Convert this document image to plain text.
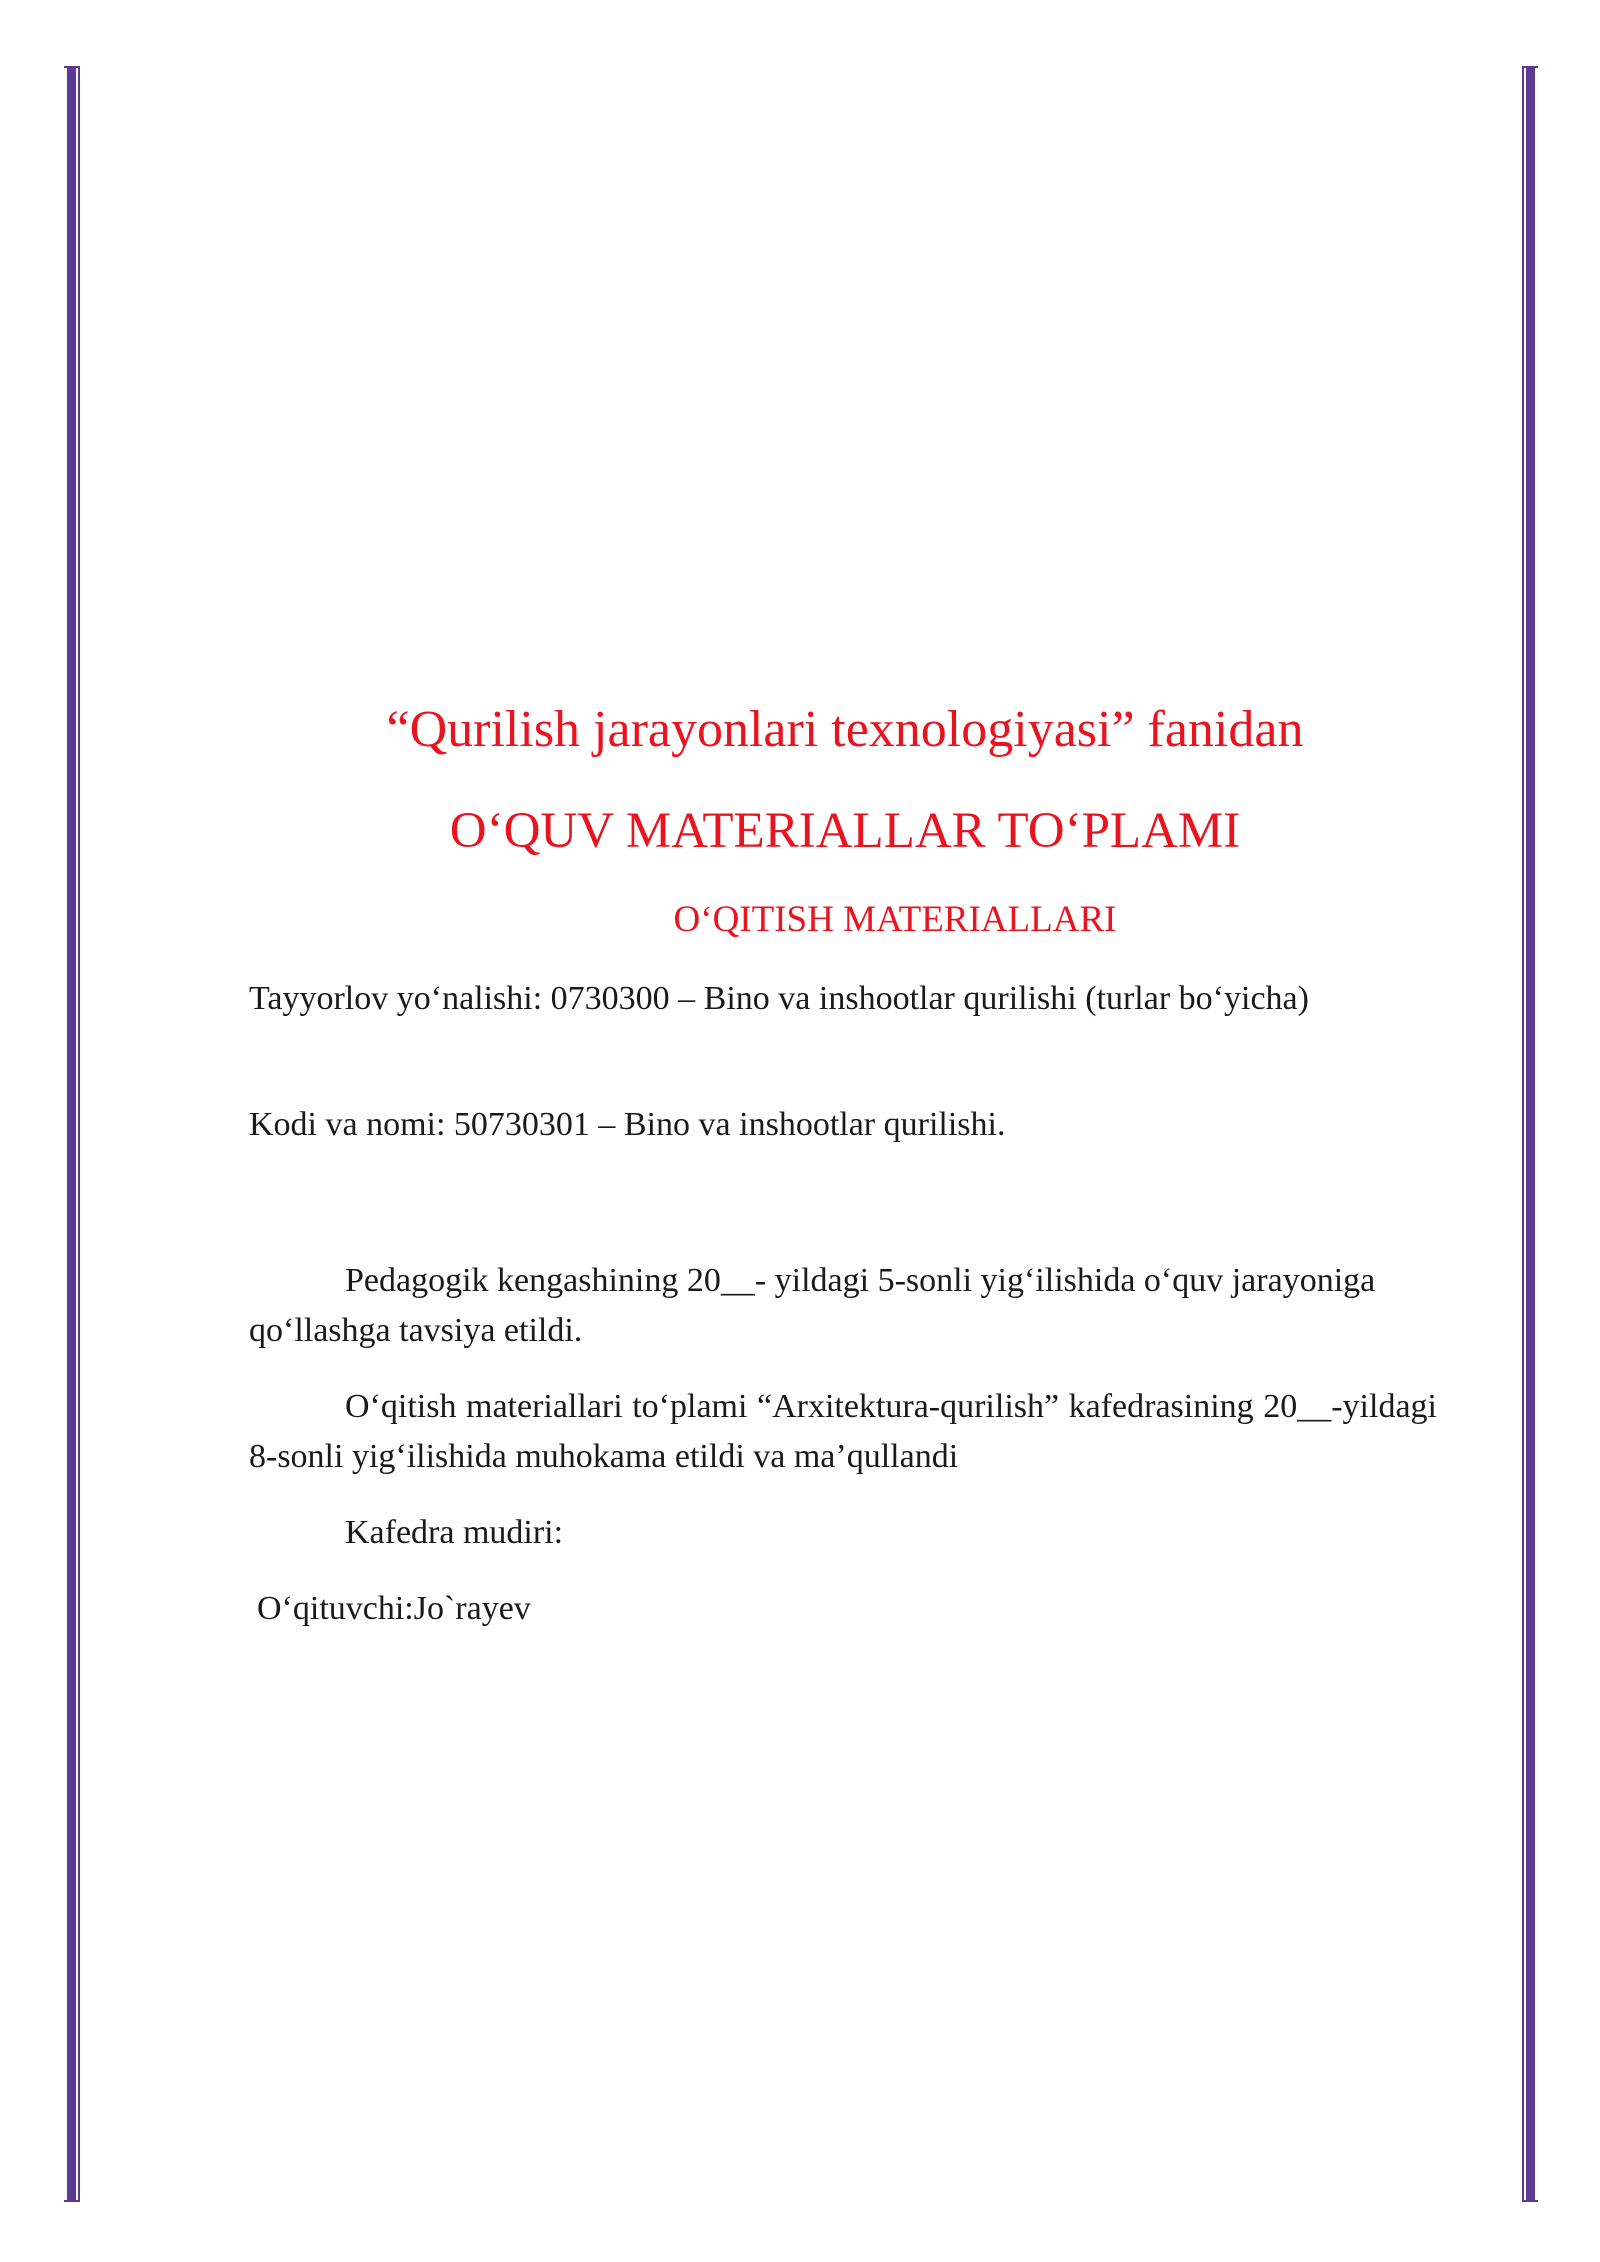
“Qurilish jarayonlari texnologiyasi” fanidan
O‘QUV MATERIALLAR TO‘PLAMI
O‘QITISH MATERIALLARI

Tayyorlov yo‘nalishi: 0730300 – Bino va inshootlar qurilishi (turlar bo‘yicha)

Kodi va nomi: 50730301 – Bino va inshootlar qurilishi.

Pedagogik kengashining 20__- yildagi 5-sonli yig‘ilishida o‘quv jarayoniga qo‘llashga tavsiya etildi.

O‘qitish materiallari to‘plami “Arxitektura-qurilish” kafedrasining 20__-yildagi 8-sonli yig‘ilishida muhokama etildi va ma’qullandi

Kafedra mudiri:

O‘qituvchi:Jo`rayev
